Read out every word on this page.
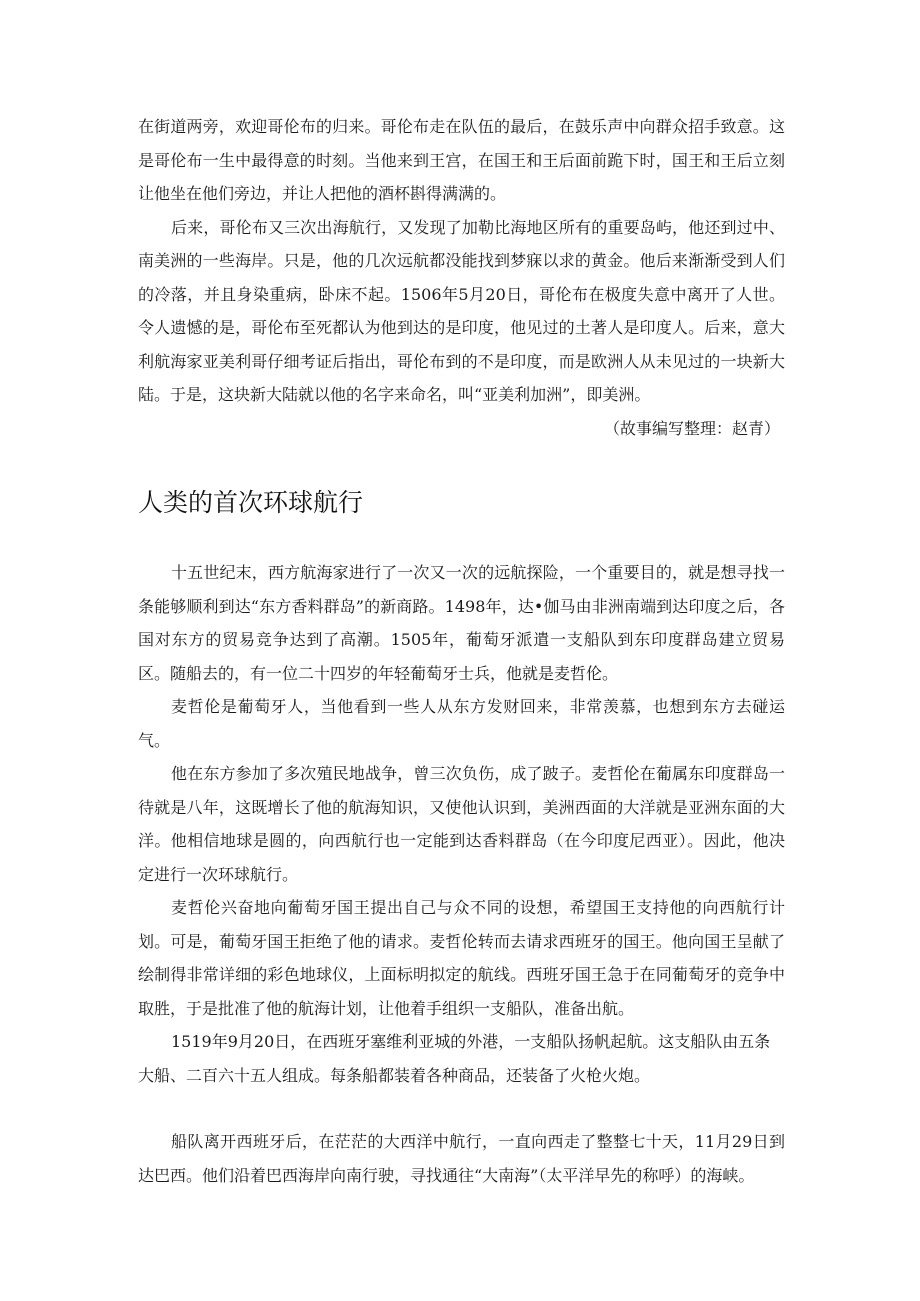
在街道两旁，欢迎哥伦布的归来。哥伦布走在队伍的最后，在鼓乐声中向群众招手致意。这是哥伦布一生中最得意的时刻。当他来到王宫，在国王和王后面前跪下时，国王和王后立刻让他坐在他们旁边，并让人把他的酒杯斟得满满的。

后来，哥伦布又三次出海航行，又发现了加勒比海地区所有的重要岛屿，他还到过中、南美洲的一些海岸。只是，他的几次远航都没能找到梦寐以求的黄金。他后来渐渐受到人们的冷落，并且身染重病，卧床不起。1506年5月20日，哥伦布在极度失意中离开了人世。令人遗憾的是，哥伦布至死都认为他到达的是印度，他见过的土著人是印度人。后来，意大利航海家亚美利哥仔细考证后指出，哥伦布到的不是印度，而是欧洲人从未见过的一块新大陆。于是，这块新大陆就以他的名字来命名，叫“亚美利加洲”，即美洲。

（故事编写整理：赵青）

人类的首次环球航行

十五世纪末，西方航海家进行了一次又一次的远航探险，一个重要目的，就是想寻找一条能够顺利到达“东方香料群岛”的新商路。1498年，达•伽马由非洲南端到达印度之后，各国对东方的贸易竞争达到了高潮。1505年，葡萄牙派遣一支船队到东印度群岛建立贸易区。随船去的，有一位二十四岁的年轻葡萄牙士兵，他就是麦哲伦。

麦哲伦是葡萄牙人，当他看到一些人从东方发财回来，非常羡慕，也想到东方去碰运气。

他在东方参加了多次殖民地战争，曾三次负伤，成了跛子。麦哲伦在葡属东印度群岛一待就是八年，这既增长了他的航海知识，又使他认识到，美洲西面的大洋就是亚洲东面的大洋。他相信地球是圆的，向西航行也一定能到达香料群岛（在今印度尼西亚）。因此，他决定进行一次环球航行。

麦哲伦兴奋地向葡萄牙国王提出自己与众不同的设想，希望国王支持他的向西航行计划。可是，葡萄牙国王拒绝了他的请求。麦哲伦转而去请求西班牙的国王。他向国王呈献了绘制得非常详细的彩色地球仪，上面标明拟定的航线。西班牙国王急于在同葡萄牙的竞争中取胜，于是批准了他的航海计划，让他着手组织一支船队，准备出航。

1519年9月20日，在西班牙塞维利亚城的外港，一支船队扬帆起航。这支船队由五条

大船、二百六十五人组成。每条船都装着各种商品，还装备了火枪火炮。

船队离开西班牙后，在茫茫的大西洋中航行，一直向西走了整整七十天，11月29日到达巴西。他们沿着巴西海岸向南行驶，寻找通往“大南海”（太平洋早先的称呼）的海峡。
